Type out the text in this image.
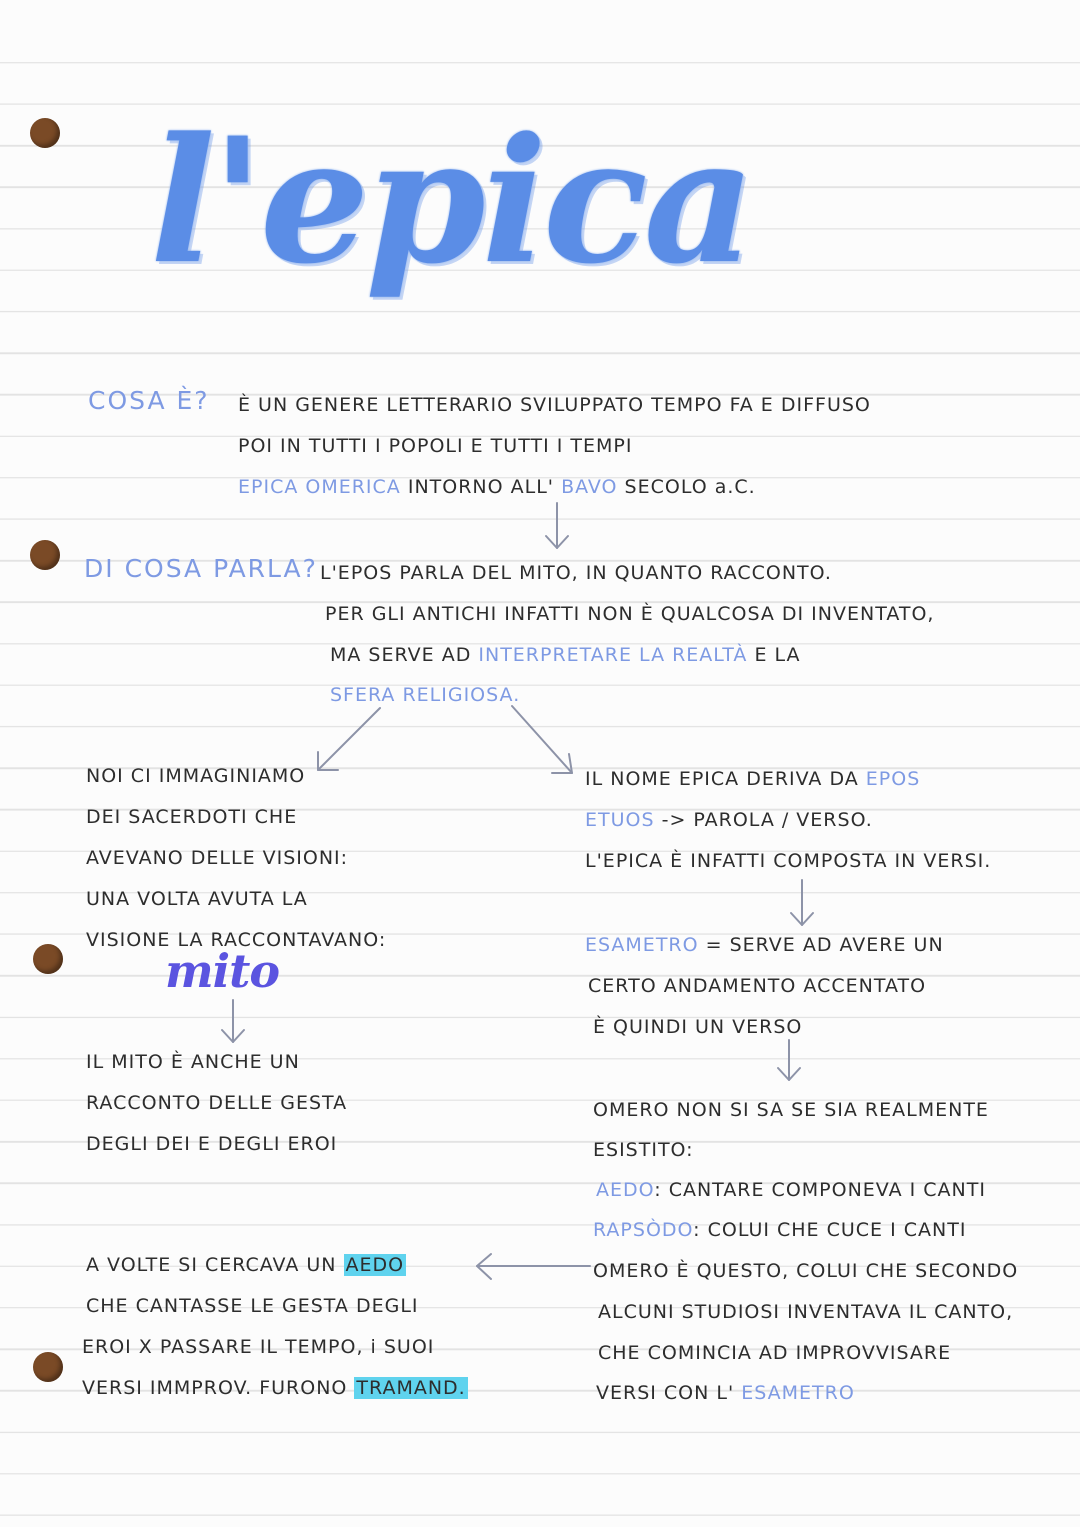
l'epica
COSA È? È UN GENERE LETTERARIO SVILUPPATO TEMPO FA E DIFFUSO
POI IN TUTTI I POPOLI E TUTTI I TEMPI
EPICA OMERICA INTORNO ALL' BAVO SECOLO a.C.
DI COSA PARLA? L'EPOS PARLA DEL MITO, IN QUANTO RACCONTO.
PER GLI ANTICHI INFATTI NON È QUALCOSA DI INVENTATO,
MA SERVE AD INTERPRETARE LA REALTÀ E LA
SFERA RELIGIOSA.
NOI CI IMMAGINIAMO
DEI SACERDOTI CHE
AVEVANO DELLE VISIONI:
UNA VOLTA AVUTA LA
VISIONE LA RACCONTAVANO:
mito
IL MITO È ANCHE UN
RACCONTO DELLE GESTA
DEGLI DEI E DEGLI EROI
A VOLTE SI CERCAVA UN AEDO
CHE CANTASSE LE GESTA DEGLI
EROI X PASSARE IL TEMPO, i SUOI
VERSI IMMPROV. FURONO TRAMAND.
IL NOME EPICA DERIVA DA EPOS
ETUOS -> PAROLA / VERSO.
L'EPICA È INFATTI COMPOSTA IN VERSI.
ESAMETRO = SERVE AD AVERE UN
CERTO ANDAMENTO ACCENTATO
È QUINDI UN VERSO
OMERO NON SI SA SE SIA REALMENTE
ESISTITO:
AEDO: CANTARE COMPONEVA I CANTI
RAPSÒDO: COLUI CHE CUCE I CANTI
OMERO È QUESTO, COLUI CHE SECONDO
ALCUNI STUDIOSI INVENTAVA IL CANTO,
CHE COMINCIA AD IMPROVVISARE
VERSI CON L' ESAMETRO
